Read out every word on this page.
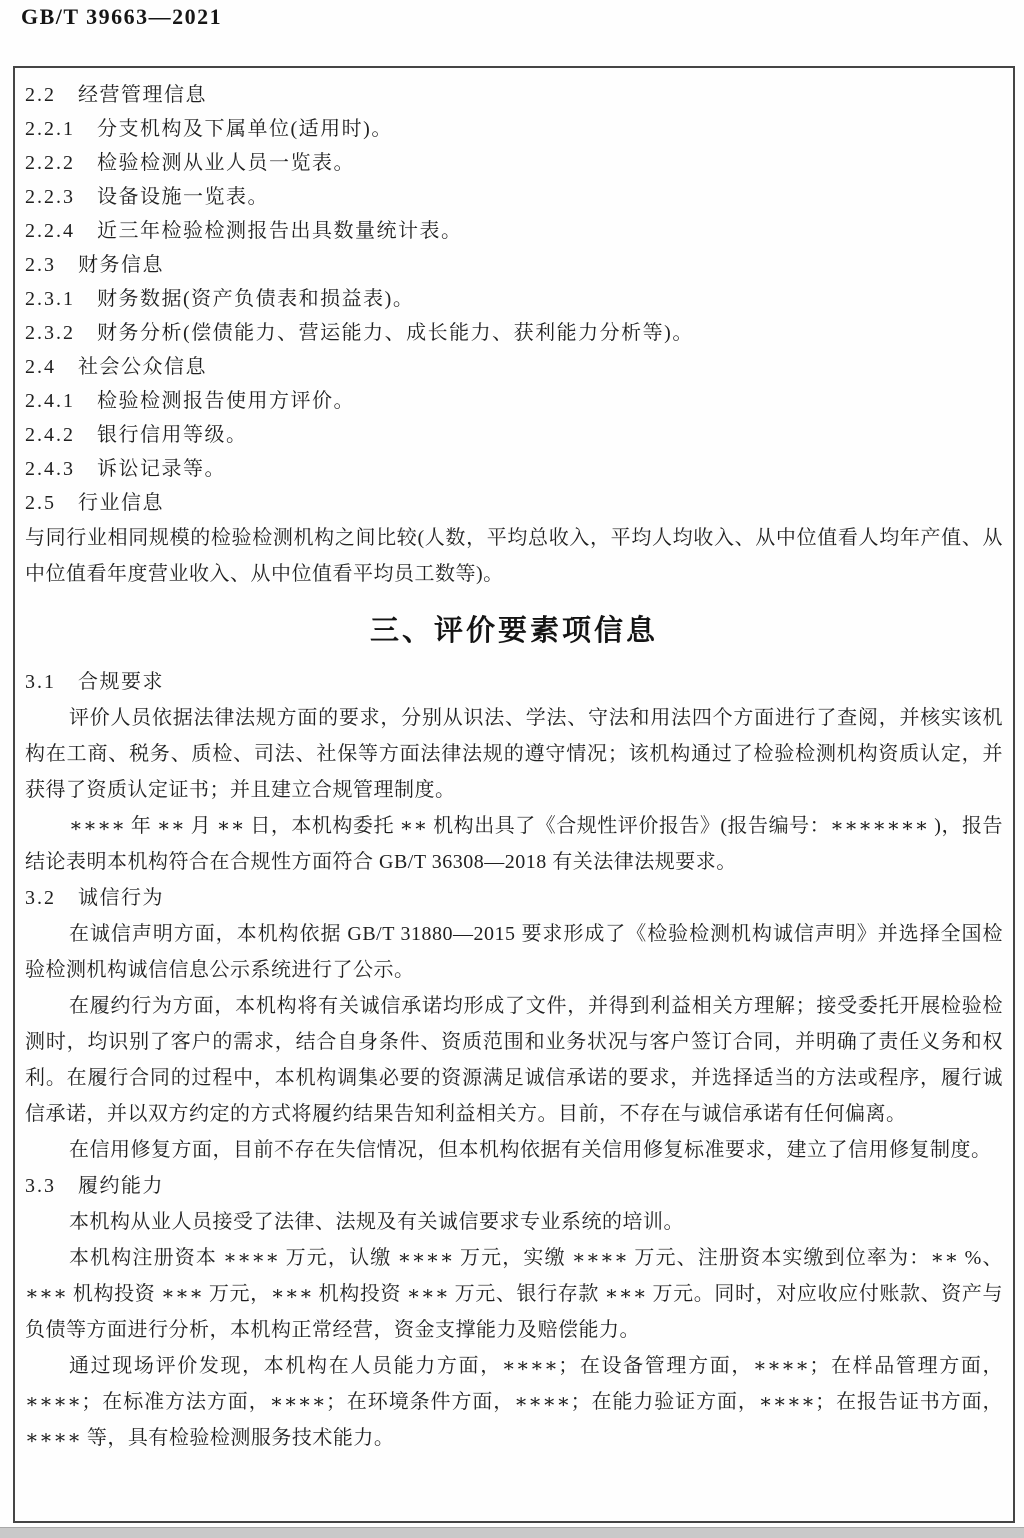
GB/T 39663—2021
2.2 经营管理信息
2.2.1 分支机构及下属单位(适用时)。
2.2.2 检验检测从业人员一览表。
2.2.3 设备设施一览表。
2.2.4 近三年检验检测报告出具数量统计表。
2.3 财务信息
2.3.1 财务数据(资产负债表和损益表)。
2.3.2 财务分析(偿债能力、营运能力、成长能力、获利能力分析等)。
2.4 社会公众信息
2.4.1 检验检测报告使用方评价。
2.4.2 银行信用等级。
2.4.3 诉讼记录等。
2.5 行业信息

与同行业相同规模的检验检测机构之间比较(人数，平均总收入，平均人均收入、从中位值看人均年产值、从中位值看年度营业收入、从中位值看平均员工数等)。

三、评价要素项信息
3.1 合规要求

评价人员依据法律法规方面的要求，分别从识法、学法、守法和用法四个方面进行了查阅，并核实该机构在工商、税务、质检、司法、社保等方面法律法规的遵守情况；该机构通过了检验检测机构资质认定，并获得了资质认定证书；并且建立合规管理制度。

∗∗∗∗ 年 ∗∗ 月 ∗∗ 日，本机构委托 ∗∗ 机构出具了《合规性评价报告》(报告编号：∗∗∗∗∗∗∗ )，报告结论表明本机构符合在合规性方面符合 GB/T 36308—2018 有关法律法规要求。

3.2 诚信行为

在诚信声明方面，本机构依据 GB/T 31880—2015 要求形成了《检验检测机构诚信声明》并选择全国检验检测机构诚信信息公示系统进行了公示。

在履约行为方面，本机构将有关诚信承诺均形成了文件，并得到利益相关方理解；接受委托开展检验检测时，均识别了客户的需求，结合自身条件、资质范围和业务状况与客户签订合同，并明确了责任义务和权利。在履行合同的过程中，本机构调集必要的资源满足诚信承诺的要求，并选择适当的方法或程序，履行诚信承诺，并以双方约定的方式将履约结果告知利益相关方。目前，不存在与诚信承诺有任何偏离。

在信用修复方面，目前不存在失信情况，但本机构依据有关信用修复标准要求，建立了信用修复制度。

3.3 履约能力

本机构从业人员接受了法律、法规及有关诚信要求专业系统的培训。

本机构注册资本 ∗∗∗∗ 万元，认缴 ∗∗∗∗ 万元，实缴 ∗∗∗∗ 万元、注册资本实缴到位率为：∗∗ %、∗∗∗ 机构投资 ∗∗∗ 万元，∗∗∗ 机构投资 ∗∗∗ 万元、银行存款 ∗∗∗ 万元。同时，对应收应付账款、资产与负债等方面进行分析，本机构正常经营，资金支撑能力及赔偿能力。

通过现场评价发现，本机构在人员能力方面，∗∗∗∗；在设备管理方面，∗∗∗∗；在样品管理方面，∗∗∗∗；在标准方法方面，∗∗∗∗；在环境条件方面，∗∗∗∗；在能力验证方面，∗∗∗∗；在报告证书方面，∗∗∗∗ 等，具有检验检测服务技术能力。
